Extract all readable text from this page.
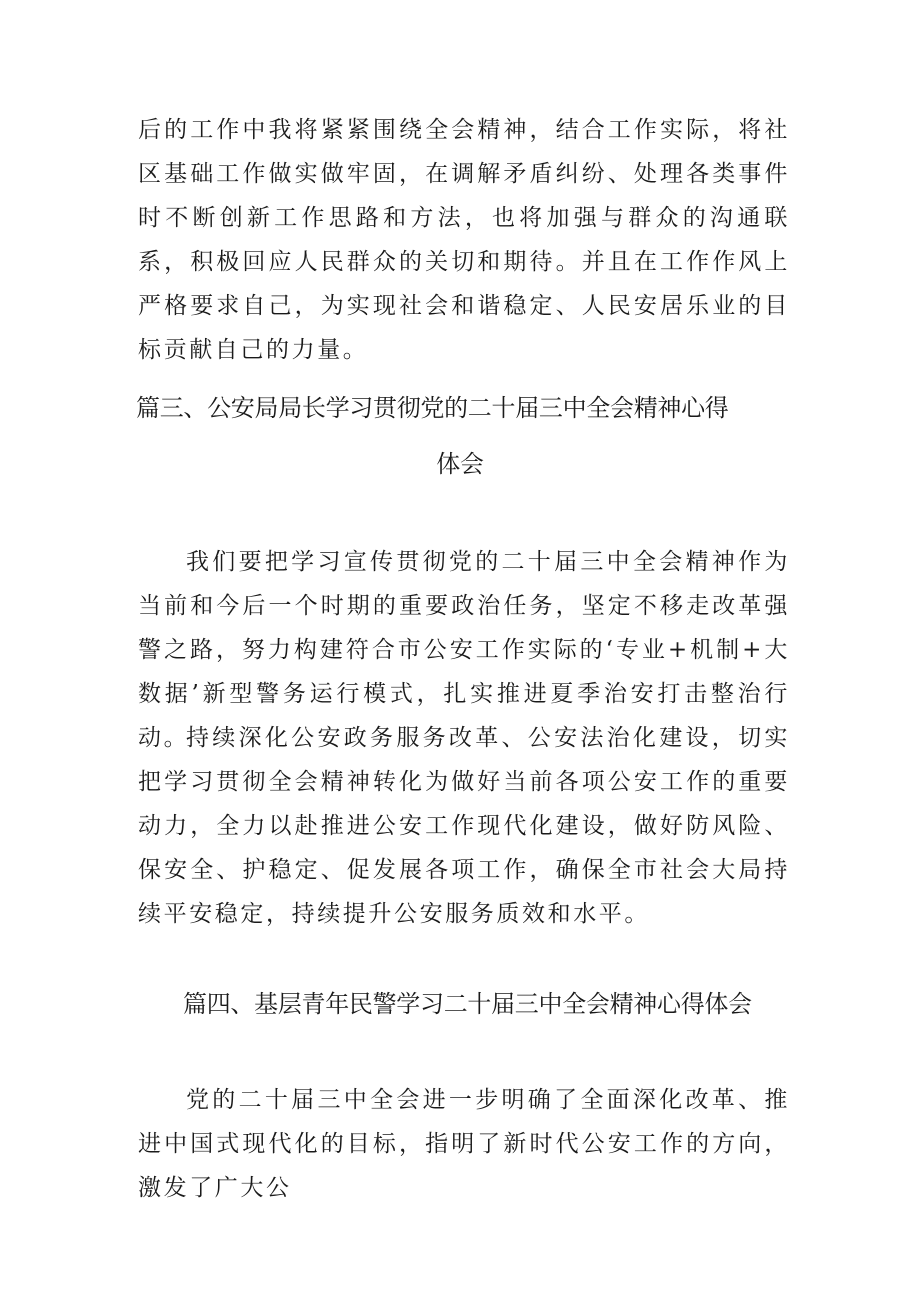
后的工作中我将紧紧围绕全会精神，结合工作实际，将社区基础工作做实做牢固，在调解矛盾纠纷、处理各类事件时不断创新工作思路和方法，也将加强与群众的沟通联系，积极回应人民群众的关切和期待。并且在工作作风上严格要求自己，为实现社会和谐稳定、人民安居乐业的目标贡献自己的力量。

篇三、公安局局长学习贯彻党的二十届三中全会精神心得
体会

我们要把学习宣传贯彻党的二十届三中全会精神作为当前和今后一个时期的重要政治任务，坚定不移走改革强警之路，努力构建符合市公安工作实际的‘专业+机制+大数据’新型警务运行模式，扎实推进夏季治安打击整治行动。

持续深化公安政务服务改革、公安法治化建设，切实把学习贯彻全会精神转化为做好当前各项公安工作的重要动力，全力以赴推进公安工作现代化建设，做好防风险、保安全、护稳定、促发展各项工作，确保全市社会大局持续平安稳定，持续提升公安服务质效和水平。

篇四、基层青年民警学习二十届三中全会精神心得体会

党的二十届三中全会进一步明确了全面深化改革、推进中国式现代化的目标，指明了新时代公安工作的方向，激发了广大公
